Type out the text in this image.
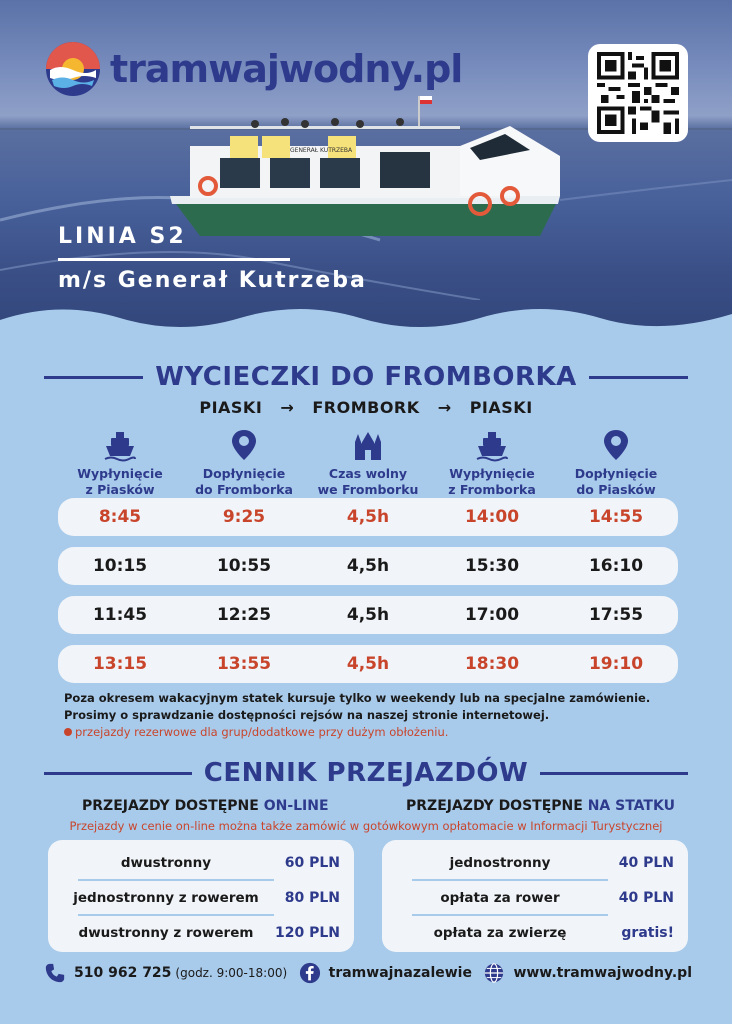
tramwajwodny.pl
GENERAŁ KUTRZEBA
LINIA S2
m/s Generał Kutrzeba
WYCIECZKI DO FROMBORKA
PIASKI → FROMBORK → PIASKI
Wypłynięcie
z Piasków
Dopłynięcie
do Fromborka
Czas wolny
we Fromborku
Wypłynięcie
z Fromborka
Dopłynięcie
do Piasków
8:45	9:25	4,5h	14:00	14:55
10:15	10:55	4,5h	15:30	16:10
11:45	12:25	4,5h	17:00	17:55
13:15	13:55	4,5h	18:30	19:10
Poza okresem wakacyjnym statek kursuje tylko w weekendy lub na specjalne zamówienie.
Prosimy o sprawdzanie dostępności rejsów na naszej stronie internetowej.
przejazdy rezerwowe dla grup/dodatkowe przy dużym obłożeniu.
CENNIK PRZEJAZDÓW
PRZEJAZDY DOSTĘPNE ON-LINE	PRZEJAZDY DOSTĘPNE NA STATKU
Przejazdy w cenie on-line można także zamówić w gotówkowym opłatomacie w Informacji Turystycznej
dwustronny	60 PLN
jednostronny z rowerem	80 PLN
dwustronny z rowerem	120 PLN
jednostronny	40 PLN
opłata za rower	40 PLN
opłata za zwierzę	gratis!
510 962 725 (godz. 9:00-18:00)	tramwajnazalewie	www.tramwajwodny.pl
